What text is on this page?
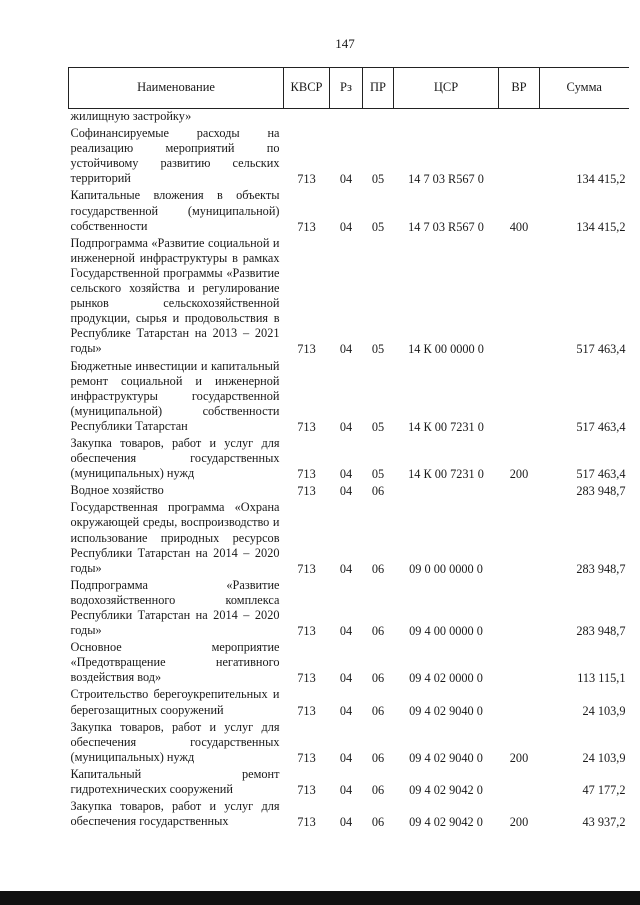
147
Наименование	КВСР	Рз	ПР	ЦСР	ВР	Сумма
жилищную застройку»						
Софинансируемые расходы на реализацию мероприятий по устойчивому развитию сельских территорий	713	04	05	14 7 03 R567 0		134 415,2
Капитальные вложения в объекты государственной (муниципальной) собственности	713	04	05	14 7 03 R567 0	400	134 415,2
Подпрограмма «Развитие социальной и инженерной инфраструктуры в рамках Государственной программы «Развитие сельского хозяйства и регулирование рынков сельскохозяйственной продукции, сырья и продовольствия в Республике Татарстан на 2013 – 2021 годы»	713	04	05	14 К 00 0000 0		517 463,4
Бюджетные инвестиции и капитальный ремонт социальной и инженерной инфраструктуры государственной (муниципальной) собственности Республики Татарстан	713	04	05	14 К 00 7231 0		517 463,4
Закупка товаров, работ и услуг для обеспечения государственных (муниципальных) нужд	713	04	05	14 К 00 7231 0	200	517 463,4
Водное хозяйство	713	04	06			283 948,7
Государственная программа «Охрана окружающей среды, воспроизводство и использование природных ресурсов Республики Татарстан на 2014 – 2020 годы»	713	04	06	09 0 00 0000 0		283 948,7
Подпрограмма «Развитие водохозяйственного комплекса Республики Татарстан на 2014 – 2020 годы»	713	04	06	09 4 00 0000 0		283 948,7
Основное мероприятие «Предотвращение негативного воздействия вод»	713	04	06	09 4 02 0000 0		113 115,1
Строительство берегоукрепительных и берегозащитных сооружений	713	04	06	09 4 02 9040 0		24 103,9
Закупка товаров, работ и услуг для обеспечения государственных (муниципальных) нужд	713	04	06	09 4 02 9040 0	200	24 103,9
Капитальный ремонт гидротехнических сооружений	713	04	06	09 4 02 9042 0		47 177,2
Закупка товаров, работ и услуг для обеспечения государственных	713	04	06	09 4 02 9042 0	200	43 937,2
